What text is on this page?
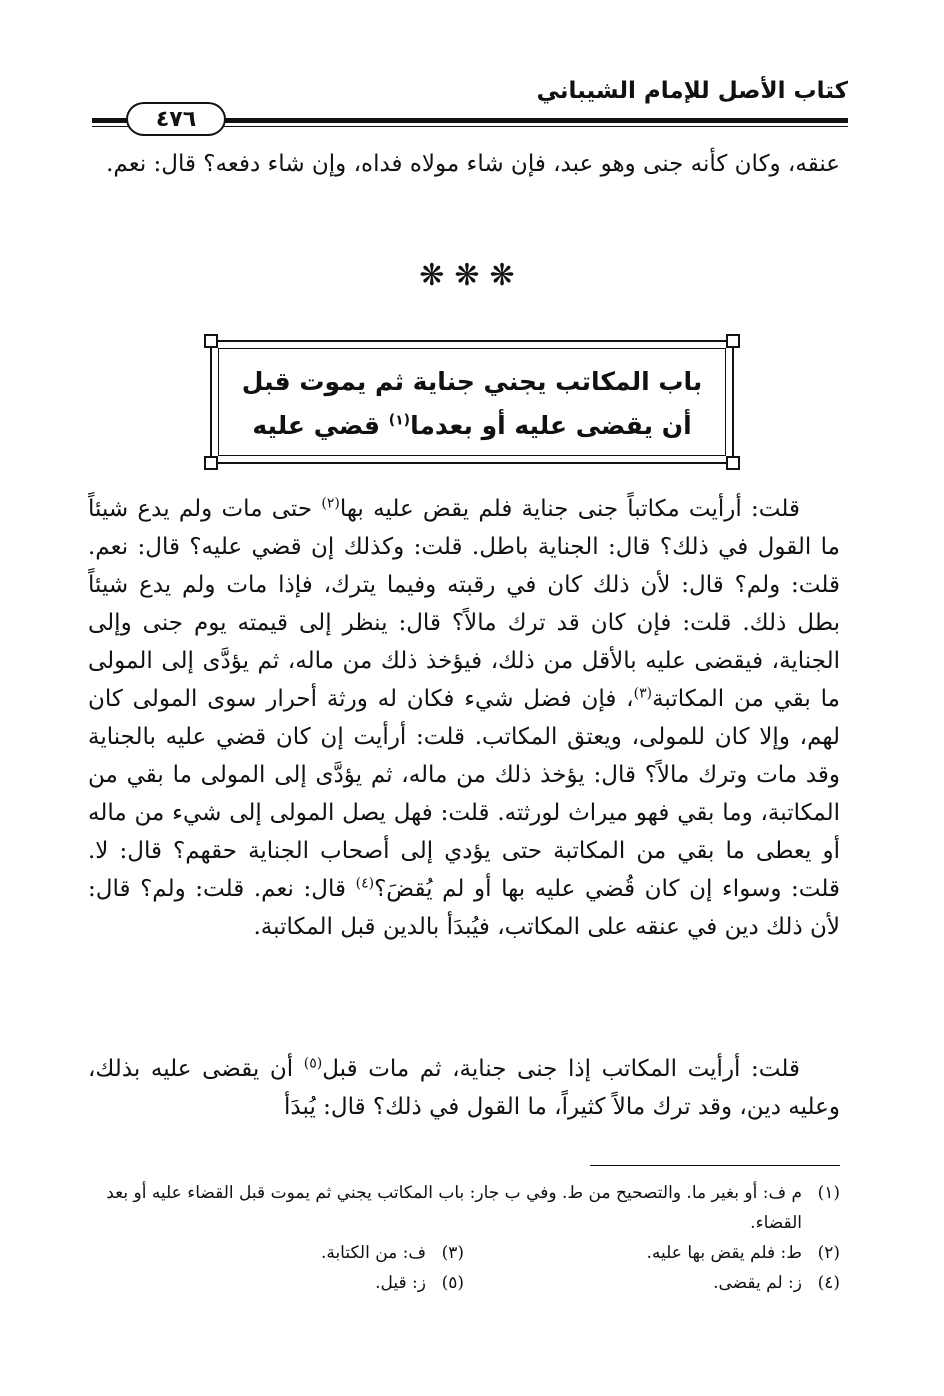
كتاب الأصل للإمام الشيباني
٤٧٦
عنقه، وكان كأنه جنى وهو عبد، فإن شاء مولاه فداه، وإن شاء دفعه؟ قال: نعم.
❋❋❋
باب المكاتب يجني جناية ثم يموت قبل أن يقضى عليه أو بعدما$^{(١)}$ قضي عليه
قلت: أرأيت مكاتباً جنى جناية فلم يقض عليه بها$^{(٢)}$ حتى مات ولم يدع شيئاً ما القول في ذلك؟ قال: الجناية باطل. قلت: وكذلك إن قضي عليه؟ قال: نعم. قلت: ولم؟ قال: لأن ذلك كان في رقبته وفيما يترك، فإذا مات ولم يدع شيئاً بطل ذلك. قلت: فإن كان قد ترك مالاً؟ قال: ينظر إلى قيمته يوم جنى وإلى الجناية، فيقضى عليه بالأقل من ذلك، فيؤخذ ذلك من ماله، ثم يؤدَّى إلى المولى ما بقي من المكاتبة$^{(٣)}$، فإن فضل شيء فكان له ورثة أحرار سوى المولى كان لهم، وإلا كان للمولى، ويعتق المكاتب. قلت: أرأيت إن كان قضي عليه بالجناية وقد مات وترك مالاً؟ قال: يؤخذ ذلك من ماله، ثم يؤدَّى إلى المولى ما بقي من المكاتبة، وما بقي فهو ميراث لورثته. قلت: فهل يصل المولى إلى شيء من ماله أو يعطى ما بقي من المكاتبة حتى يؤدي إلى أصحاب الجناية حقهم؟ قال: لا. قلت: وسواء إن كان قُضي عليه بها أو لم يُقضَ؟$^{(٤)}$ قال: نعم. قلت: ولم؟ قال: لأن ذلك دين في عنقه على المكاتب، فيُبدَأ بالدين قبل المكاتبة.
قلت: أرأيت المكاتب إذا جنى جناية، ثم مات قبل$^{(٥)}$ أن يقضى عليه بذلك، وعليه دين، وقد ترك مالاً كثيراً، ما القول في ذلك؟ قال: يُبدَأ
(١)
م ف: أو بغير ما. والتصحيح من ط. وفي ب جار: باب المكاتب يجني ثم يموت قبل القضاء عليه أو بعد القضاء.
(٢)
ط: فلم يقض بها عليه.
(٣)
ف: من الكتابة.
(٤)
ز: لم يقضى.
(٥)
ز: قيل.
